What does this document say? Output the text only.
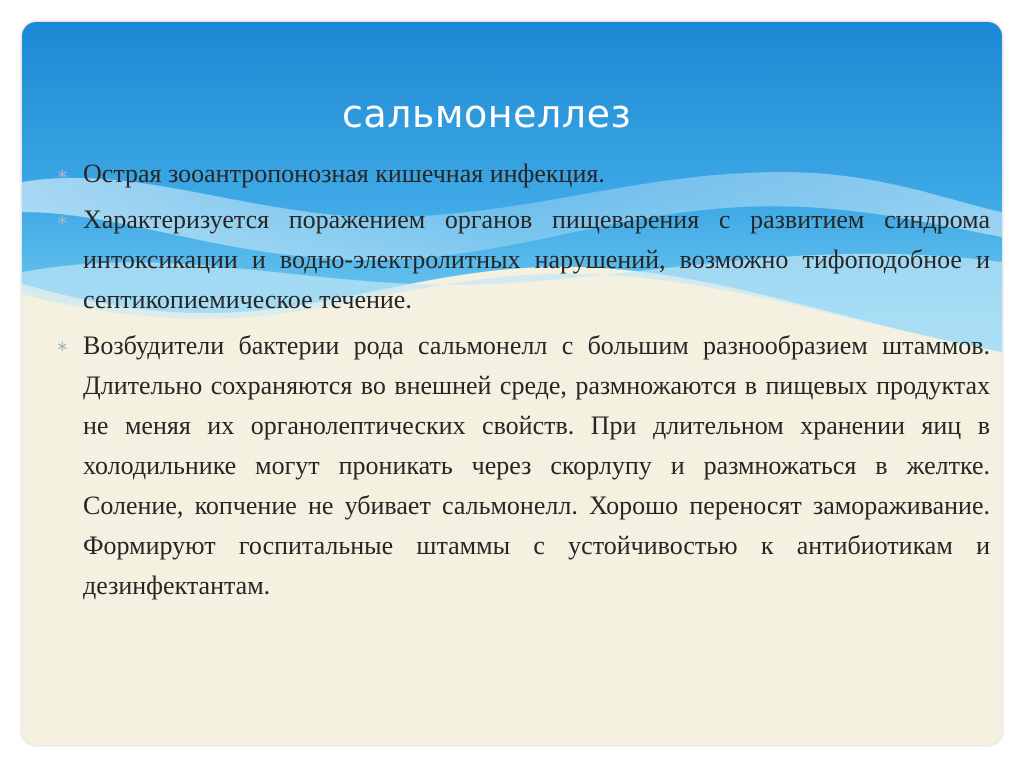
сальмонеллез
∗ Острая зооантропонозная кишечная инфекция.
∗ Характеризуется поражением органов пищеварения с развитием синдрома интоксикации и водно-электролитных нарушений, возможно тифоподобное и септикопиемическое течение.
∗ Возбудители бактерии рода сальмонелл с большим разнообразием штаммов. Длительно сохраняются во внешней среде, размножаются в пищевых продуктах не меняя их органолептических свойств. При длительном хранении яиц в холодильнике могут проникать через скорлупу и размножаться в желтке. Соление, копчение не убивает сальмонелл. Хорошо переносят замораживание. Формируют госпитальные штаммы с устойчивостью к антибиотикам и дезинфектантам.
